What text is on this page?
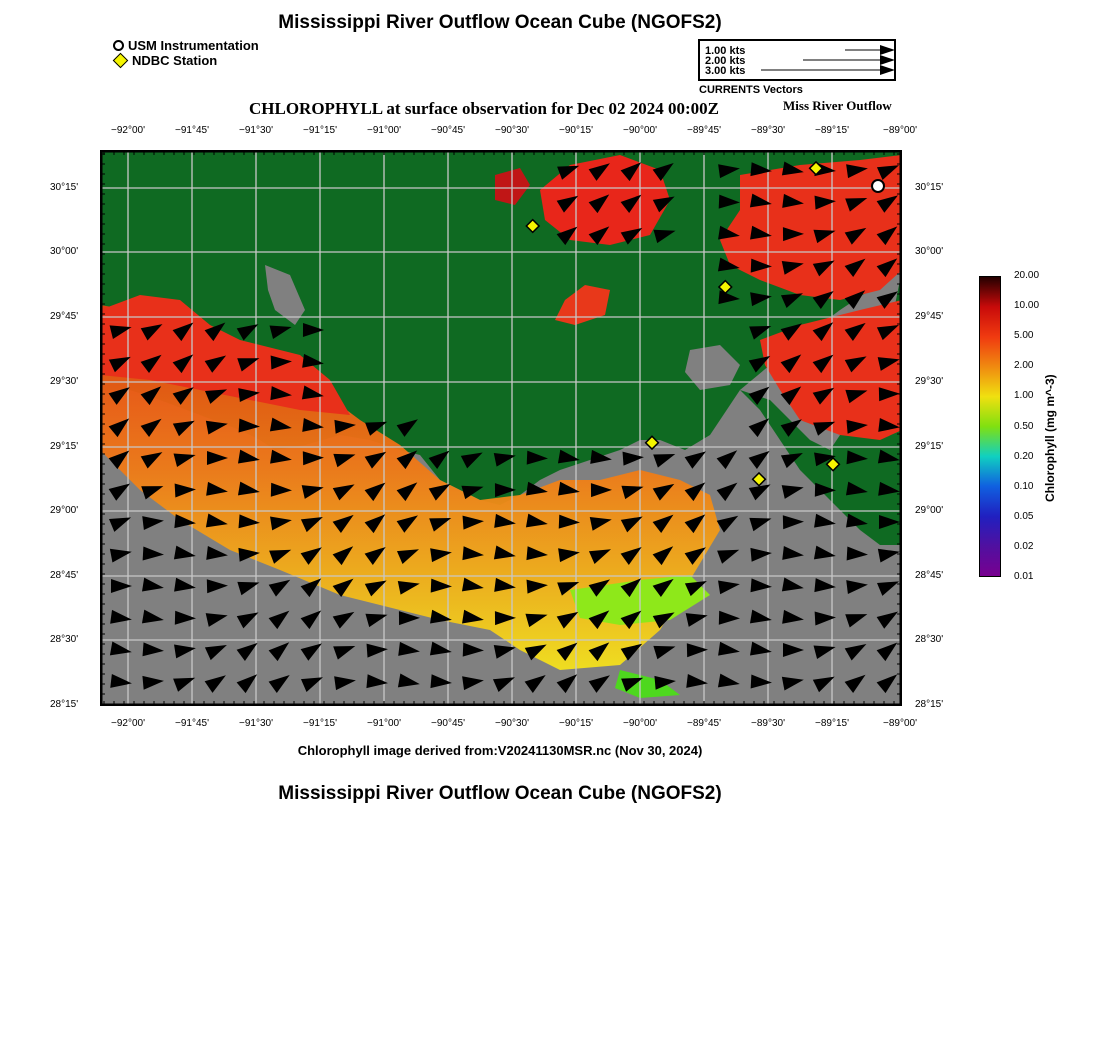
Mississippi River Outflow Ocean Cube (NGOFS2)
USM Instrumentation
NDBC Station
1.00 kts
2.00 kts
3.00 kts
CURRENTS Vectors
CHLOROPHYLL at surface observation for Dec 02 2024 00:00Z	Miss River Outflow
Chlorophyll (mg m^-3)
Chlorophyll image derived from:V20241130MSR.nc (Nov 30, 2024)
Mississippi River Outflow Ocean Cube (NGOFS2)
−92°00'
−92°00'
−91°45'
−91°45'
−91°30'
−91°30'
−91°15'
−91°15'
−91°00'
−91°00'
−90°45'
−90°45'
−90°30'
−90°30'
−90°15'
−90°15'
−90°00'
−90°00'
−89°45'
−89°45'
−89°30'
−89°30'
−89°15'
−89°15'
−89°00'
−89°00'
30°15'	30°15'
30°00'	30°00'
29°45'	29°45'
29°30'	29°30'
29°15'	29°15'
29°00'	29°00'
28°45'	28°45'
28°30'	28°30'
28°15'	28°15'
20.00
10.00
5.00
2.00
1.00
0.50
0.20
0.10
0.05
0.02
0.01
